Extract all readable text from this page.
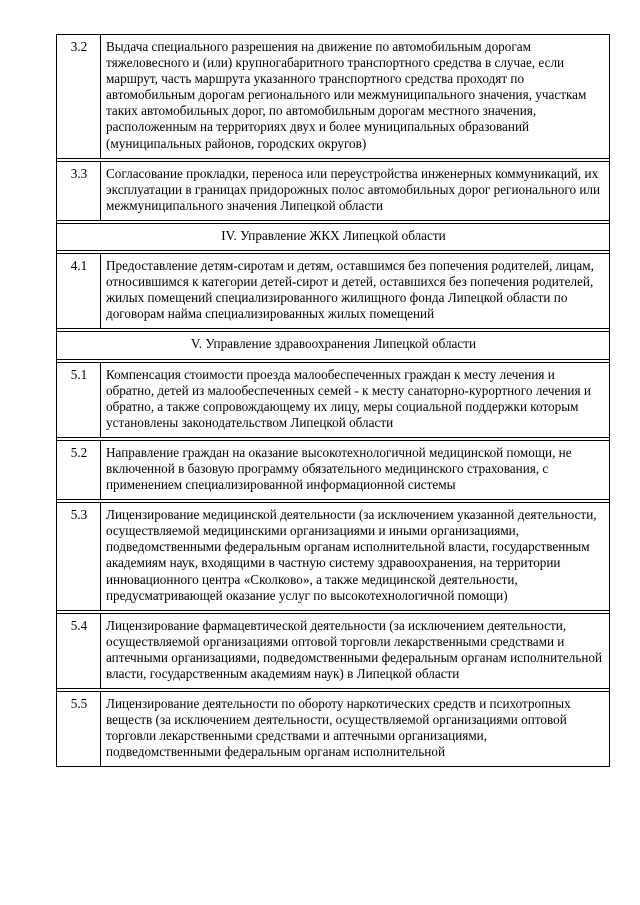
3.2	Выдача специального разрешения на движение по автомобильным дорогам тяжеловесного и (или) крупногабаритного транспортного средства в случае, если маршрут, часть маршрута указанного транспортного средства проходят по автомобильным дорогам регионального или межмуниципального значения, участкам таких автомобильных дорог, по автомобильным дорогам местного значения, расположенным на территориях двух и более муниципальных образований (муниципальных районов, городских округов)

3.3	Согласование прокладки, переноса или переустройства инженерных коммуникаций, их эксплуатации в границах придорожных полос автомобильных дорог регионального или межмуниципального значения Липецкой области

IV. Управление ЖКХ Липецкой области	

4.1	Предоставление детям-сиротам и детям, оставшимся без попечения родителей, лицам, относившимся к категории детей-сирот и детей, оставшихся без попечения родителей, жилых помещений специализированного жилищного фонда Липецкой области по договорам найма специализированных жилых помещений

V. Управление здравоохранения Липецкой области	

5.1	Компенсация стоимости проезда малообеспеченных граждан к месту лечения и обратно, детей из малообеспеченных семей - к месту санаторно-курортного лечения и обратно, а также сопровождающему их лицу, меры социальной поддержки которым установлены законодательством Липецкой области

5.2	Направление граждан на оказание высокотехнологичной медицинской помощи, не включенной в базовую программу обязательного медицинского страхования, с применением специализированной информационной системы

5.3	Лицензирование медицинской деятельности (за исключением указанной деятельности, осуществляемой медицинскими организациями и иными организациями, подведомственными федеральным органам исполнительной власти, государственным академиям наук, входящими в частную систему здравоохранения, на территории инновационного центра «Сколково», а также медицинской деятельности, предусматривающей оказание услуг по высокотехнологичной помощи)

5.4	Лицензирование фармацевтической деятельности (за исключением деятельности, осуществляемой организациями оптовой торговли лекарственными средствами и аптечными организациями, подведомственными федеральным органам исполнительной власти, государственным академиям наук) в Липецкой области

5.5	Лицензирование деятельности по обороту наркотических средств и психотропных веществ (за исключением деятельности, осуществляемой организациями оптовой торговли лекарственными средствами и аптечными организациями, подведомственными федеральным органам исполнительной
